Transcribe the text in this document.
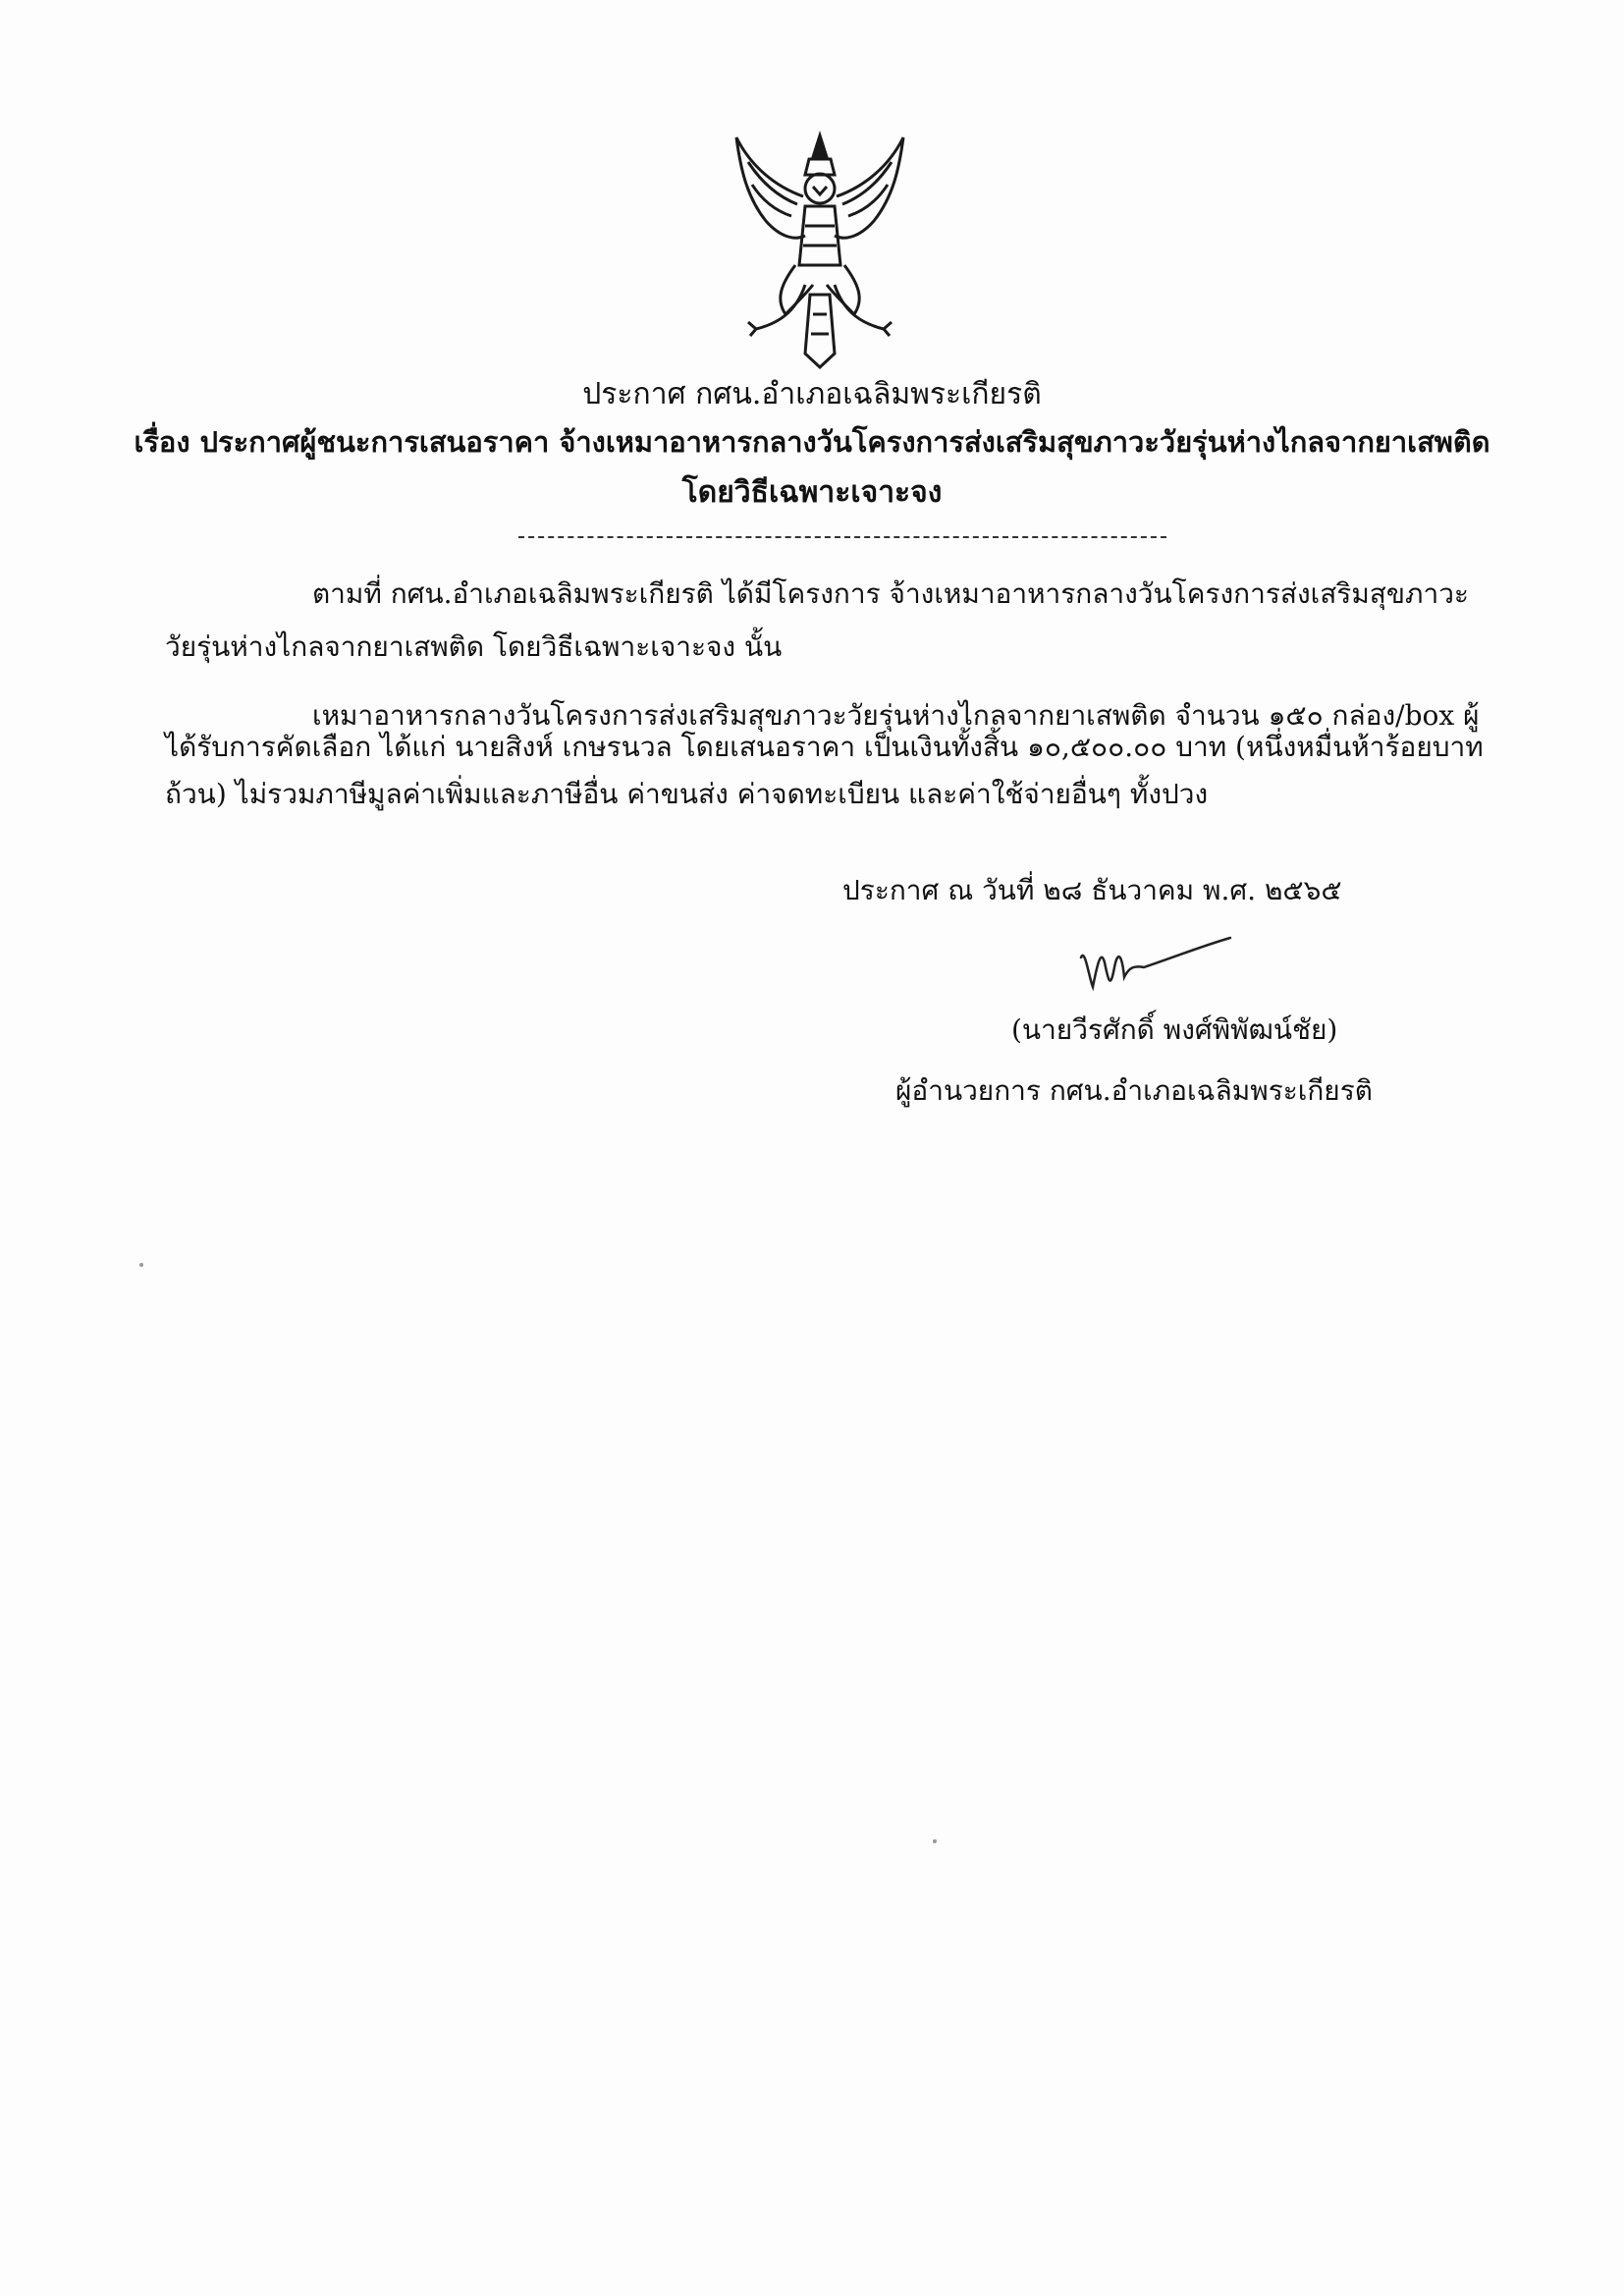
ประกาศ กศน.อำเภอเฉลิมพระเกียรติ
เรื่อง ประกาศผู้ชนะการเสนอราคา จ้างเหมาอาหารกลางวันโครงการส่งเสริมสุขภาวะวัยรุ่นห่างไกลจากยาเสพติด
โดยวิธีเฉพาะเจาะจง
ตามที่ กศน.อำเภอเฉลิมพระเกียรติ ได้มีโครงการ จ้างเหมาอาหารกลางวันโครงการส่งเสริมสุขภาวะ
วัยรุ่นห่างไกลจากยาเสพติด โดยวิธีเฉพาะเจาะจง นั้น
เหมาอาหารกลางวันโครงการส่งเสริมสุขภาวะวัยรุ่นห่างไกลจากยาเสพติด จำนวน ๑๕๐ กล่อง/box ผู้
ได้รับการคัดเลือก ได้แก่ นายสิงห์ เกษรนวล โดยเสนอราคา เป็นเงินทั้งสิ้น ๑๐,๕๐๐.๐๐ บาท (หนึ่งหมื่นห้าร้อยบาท
ถ้วน) ไม่รวมภาษีมูลค่าเพิ่มและภาษีอื่น ค่าขนส่ง ค่าจดทะเบียน และค่าใช้จ่ายอื่นๆ ทั้งปวง
ประกาศ ณ วันที่ ๒๘ ธันวาคม พ.ศ. ๒๕๖๕
(นายวีรศักดิ์ พงศ์พิพัฒน์ชัย)
ผู้อำนวยการ กศน.อำเภอเฉลิมพระเกียรติ
